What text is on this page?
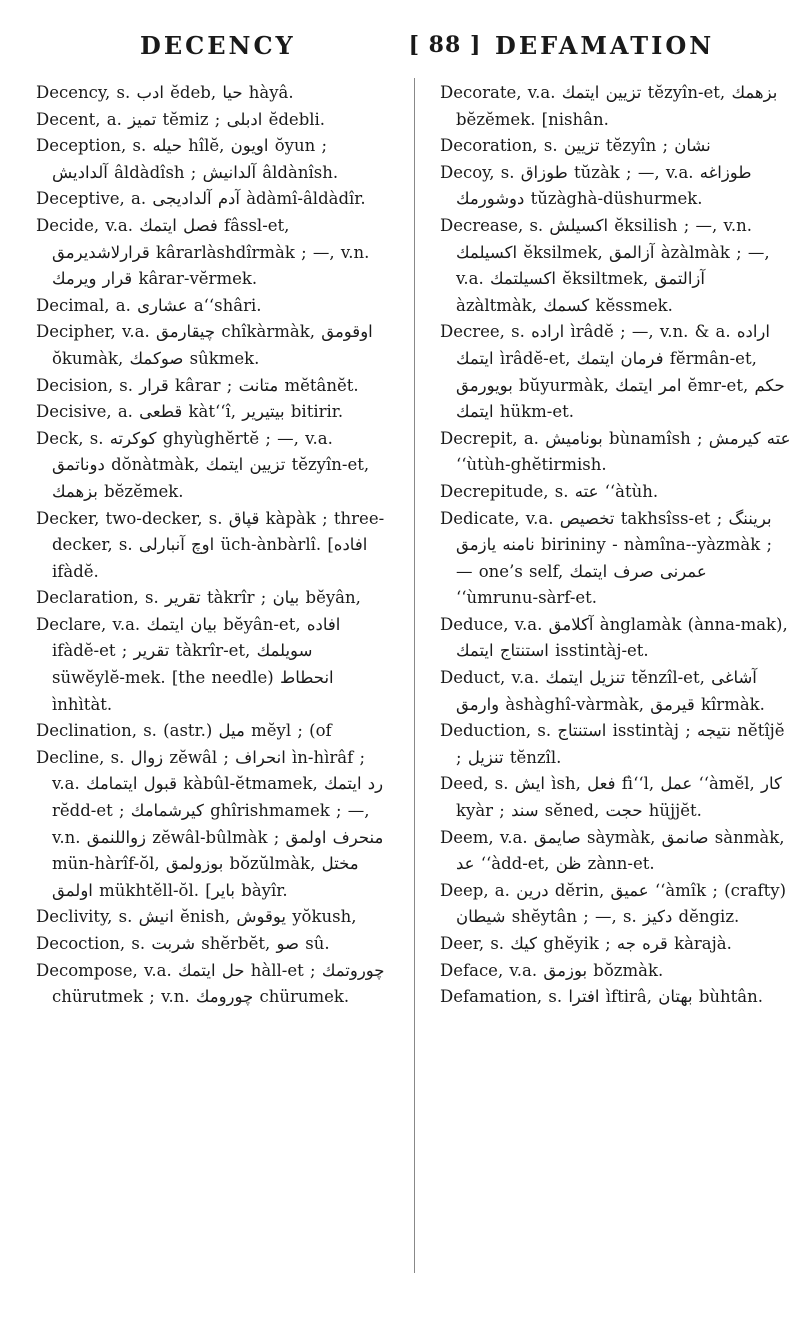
DECENCY	[ 88 ] DEFAMATION

Decency, s. ادب ĕdeb, حيا hàyâ.

Decent, a. تميز tĕmiz ; ادبلى ĕdebli.

Deception, s. حيله hîlĕ, اويون ŏyun ; آلداديش âldàdîsh ; آلدانيش âldànîsh.

Deceptive, a. آدم آلداديجى àdàmî-âldàdîr.

Decide, v.a. فصل ايتمك fâssl-et, قرارلاشديرمق kârarlàshdîrmàk ; —, v.n. قرار ويرمك kârar-vĕrmek.

Decimal, a. عشارى a‘‘shâri.

Decipher, v.a. چيقارمق chîkàrmàk, اوقومق ŏkumàk, صوكمك sûkmek.

Decision, s. قرار kârar ; متانت mĕtânĕt.

Decisive, a. قطعى kàt‘‘î, بيتيرير bitirir.

Deck, s. كوكرته ghyùghĕrtĕ ; —, v.a. دوناتمق dŏnàtmàk, تزيين ايتمك tĕzyîn-et, بزهمك bĕzĕmek.

Decker, two-decker, s. قپاق kàpàk ; three-decker, s. اوچ آنبارلى üch-ànbàrlî. [افاده ifàdĕ.

Declaration, s. تقرير tàkrîr ; بيان bĕyân,

Declare, v.a. بيان ايتمك bĕyân-et, افاده ifàdĕ-et ; تقرير tàkrîr-et, سويلمك süwĕylĕ-mek. [the needle) انحطاط ìnhìtàt.

Declination, s. (astr.) ميل mĕyl ; (of

Decline, s. زوال zĕwâl ; انحراف ìn-hìrâf ; v.a. قبول ايتمامك kàbûl-ĕtmamek, رد ايتمك rĕdd-et ; كيرشمامك ghîrishmamek ; —, v.n. زواللنمق zĕwâl-bûlmàk ; منحرف اولمق mün-hàrîf-ŏl, بوزولمق bŏzŭlmàk, مختل اولمق mükhtĕll-ŏl. [باير bàyîr.

Declivity, s. انيش ĕnish, يوقوش yŏkush,

Decoction, s. شربت shĕrbĕt, صو sû.

Decompose, v.a. حل ايتمك hàll-et ; چوروتمك chürutmek ; v.n. چورومك chürumek.

Decorate, v.a. تزيين ايتمك tĕzyîn-et, بزهمك bĕzĕmek. [nishân.

Decoration, s. تزيين tĕzyîn ; نشان

Decoy, s. طوزاق tŭzàk ; —, v.a. طوزاغه دوشورمك tŭzàghà-düshurmek.

Decrease, s. اكسيلش ĕksilish ; —, v.n. اكسيلمك ĕksilmek, آزالمق àzàlmàk ; —, v.a. اكسيلتمك ĕksiltmek, آزالتمق àzàltmàk, كسمك kĕssmek.

Decree, s. اراده ìrâdĕ ; —, v.n. & a. اراده ايتمك ìrâdĕ-et, فرمان ايتمك fĕrmân-et, بويورمق bŭyurmàk, امر ايتمك ĕmr-et, حكم ايتمك hükm-et.

Decrepit, a. بوناميش bùnamîsh ; عته كيرمش ‘‘ùtùh-ghĕtirmish.

Decrepitude, s. عته ‘‘àtùh.

Dedicate, v.a. تخصيص takhsîss-et ; بريننگ نامنه يازمق birininy - nàmîna--yàzmàk ; — one’s self, عمرنى صرف ايتمك ‘‘ùmrunu-sàrf-et.

Deduce, v.a. آكلامق ànglamàk (ànna-mak), استنتاج ايتمك isstintàj-et.

Deduct, v.a. تنزيل ايتمك tĕnzîl-et, آشاغى وارمق àshàghî-vàrmàk, قيرمق kîrmàk.

Deduction, s. استنتاج isstintàj ; نتيجه nĕtîjĕ ; تنزيل tĕnzîl.

Deed, s. ايش ìsh, فعل fì‘‘l, عمل ‘‘àmĕl, كار kyàr ; سند sĕned, حجت hüjjĕt.

Deem, v.a. صايمق sàymàk, صانمق sànmàk, عد ‘‘àdd-et, ظن zànn-et.

Deep, a. درين dĕrin, عميق ‘‘àmîk ; (crafty) شيطان shĕytân ; —, s. دكيز dĕngiz.

Deer, s. كيك ghĕyik ; قره جه kàrajà.

Deface, v.a. بوزمق bŏzmàk.

Defamation, s. افترا ìftirâ, بهتان bùhtân.
